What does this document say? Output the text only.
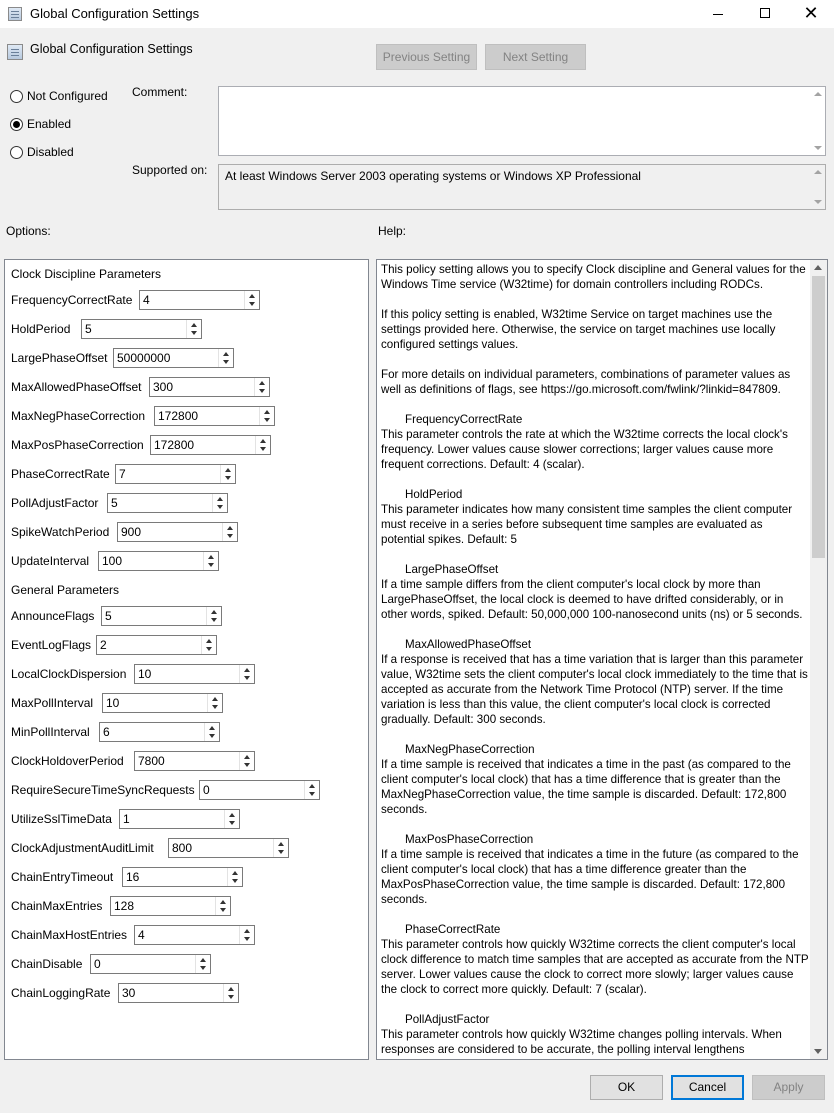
Global Configuration Settings	✕
Global Configuration Settings
Previous Setting	Next Setting
Not Configured
Enabled
Disabled
Comment:
Supported on:	At least Windows Server 2003 operating systems or Windows XP Professional
Options:	Help:
Clock Discipline Parameters
FrequencyCorrectRate 4
HoldPeriod 5
LargePhaseOffset 50000000
MaxAllowedPhaseOffset 300
MaxNegPhaseCorrection 172800
MaxPosPhaseCorrection 172800
PhaseCorrectRate 7
PollAdjustFactor 5
SpikeWatchPeriod 900
UpdateInterval 100
General Parameters
AnnounceFlags 5
EventLogFlags 2
LocalClockDispersion 10
MaxPollInterval 10
MinPollInterval 6
ClockHoldoverPeriod 7800
RequireSecureTimeSyncRequests 0
UtilizeSslTimeData 1
ClockAdjustmentAuditLimit 800
ChainEntryTimeout 16
ChainMaxEntries 128
ChainMaxHostEntries 4
ChainDisable 0
ChainLoggingRate 30

This policy setting allows you to specify Clock discipline and General values for the Windows Time service (W32time) for domain controllers including RODCs.

If this policy setting is enabled, W32time Service on target machines use the settings provided here. Otherwise, the service on target machines use locally configured settings values.

For more details on individual parameters, combinations of parameter values as well as definitions of flags, see https://go.microsoft.com/fwlink/?linkid=847809.

FrequencyCorrectRate
This parameter controls the rate at which the W32time corrects the local clock's frequency. Lower values cause slower corrections; larger values cause more frequent corrections. Default: 4 (scalar).

HoldPeriod
This parameter indicates how many consistent time samples the client computer must receive in a series before subsequent time samples are evaluated as potential spikes. Default: 5

LargePhaseOffset
If a time sample differs from the client computer's local clock by more than LargePhaseOffset, the local clock is deemed to have drifted considerably, or in other words, spiked. Default: 50,000,000 100-nanosecond units (ns) or 5 seconds.

MaxAllowedPhaseOffset
If a response is received that has a time variation that is larger than this parameter value, W32time sets the client computer's local clock immediately to the time that is accepted as accurate from the Network Time Protocol (NTP) server. If the time variation is less than this value, the client computer's local clock is corrected gradually. Default: 300 seconds.

MaxNegPhaseCorrection
If a time sample is received that indicates a time in the past (as compared to the client computer's local clock) that has a time difference that is greater than the MaxNegPhaseCorrection value, the time sample is discarded. Default: 172,800 seconds.

MaxPosPhaseCorrection
If a time sample is received that indicates a time in the future (as compared to the client computer's local clock) that has a time difference greater than the MaxPosPhaseCorrection value, the time sample is discarded. Default: 172,800 seconds.

PhaseCorrectRate
This parameter controls how quickly W32time corrects the client computer's local clock difference to match time samples that are accepted as accurate from the NTP server. Lower values cause the clock to correct more slowly; larger values cause the clock to correct more quickly. Default: 7 (scalar).

PollAdjustFactor
This parameter controls how quickly W32time changes polling intervals. When responses are considered to be accurate, the polling interval lengthens

OK	Cancel	Apply
